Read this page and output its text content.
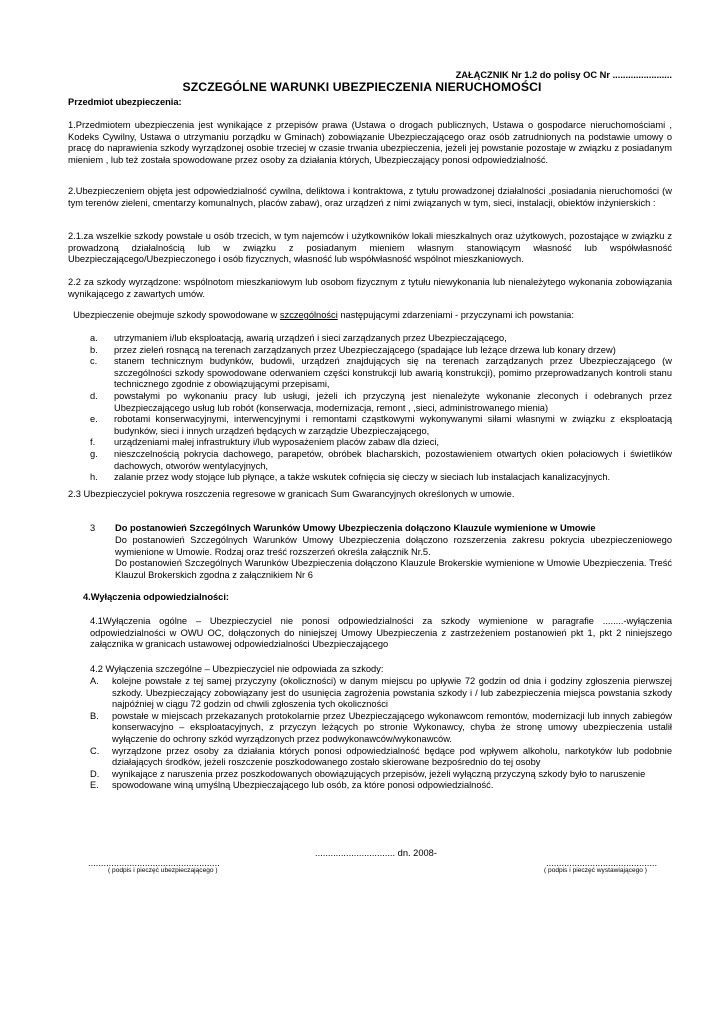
ZAŁĄCZNIK Nr 1.2 do polisy OC Nr .......................
SZCZEGÓLNE WARUNKI UBEZPIECZENIA NIERUCHOMOŚCI
Przedmiot ubezpieczenia:
1.Przedmiotem ubezpieczenia jest wynikające z przepisów prawa (Ustawa o drogach publicznych, Ustawa o gospodarce nieruchomościami , Kodeks Cywilny, Ustawa o utrzymaniu porządku w Gminach) zobowiązanie Ubezpieczającego oraz osób zatrudnionych na podstawie umowy o pracę do naprawienia szkody wyrządzonej osobie trzeciej w czasie trwania ubezpieczenia, jeżeli jej powstanie pozostaje w związku z posiadanym mieniem , lub też została spowodowane przez osoby za działania których, Ubezpieczający ponosi odpowiedzialność.
2.Ubezpieczeniem objęta jest odpowiedzialność cywilna, deliktowa i kontraktowa, z tytułu prowadzonej działalności ,posiadania nieruchomości (w tym terenów zieleni, cmentarzy komunalnych, placów zabaw), oraz urządzeń z nimi związanych w tym, sieci, instalacji, obiektów inżynierskich :
2.1.za wszelkie szkody powstałe u osób trzecich, w tym najemców i użytkowników lokali mieszkalnych oraz użytkowych, pozostające w związku z prowadzoną działalnością lub w związku z posiadanym mieniem własnym stanowiącym własność lub współwłasność Ubezpieczającego/Ubezpieczonego i osób fizycznych, własność lub współwłasność wspólnot mieszkaniowych.
2.2 za szkody wyrządzone: wspólnotom mieszkaniowym lub osobom fizycznym z tytułu niewykonania lub nienależytego wykonania zobowiązania wynikającego z zawartych umów.
Ubezpieczenie obejmuje szkody spowodowane w szczególności następującymi zdarzeniami - przyczynami ich powstania:
a. utrzymaniem i/lub eksploatacją, awarią urządzeń i sieci zarządzanych przez Ubezpieczającego,
b. przez zieleń rosnącą na terenach zarządzanych przez Ubezpieczającego (spadające lub leżące drzewa lub konary drzew)
c. stanem technicznym budynków, budowli, urządzeń znajdujących się na terenach zarządzanych przez Ubezpieczającego (w szczególności szkody spowodowane oderwaniem części konstrukcji lub awarią konstrukcji), pomimo przeprowadzanych kontroli stanu technicznego zgodnie z obowiązującymi przepisami,
d. powstałymi po wykonaniu pracy lub usługi, jeżeli ich przyczyną jest nienależyte wykonanie zleconych i odebranych przez Ubezpieczającego usług lub robót (konserwacja, modernizacja, remont , ,sieci, administrowanego mienia)
e. robotami konserwacyjnymi, interwencyjnymi i remontami cząstkowymi wykonywanymi siłami własnymi w związku z eksploatacją budynków, sieci i innych urządzeń będących w zarządzie Ubezpieczającego,
f. urządzeniami małej infrastruktury i/lub wyposażeniem placów zabaw dla dzieci,
g. nieszczelnością pokrycia dachowego, parapetów, obróbek blacharskich, pozostawieniem otwartych okien połaciowych i świetlików dachowych, otworów wentylacyjnych,
h. zalanie przez wody stojące lub płynące, a także wskutek cofnięcia się cieczy w sieciach lub instalacjach kanalizacyjnych.
2.3 Ubezpieczyciel pokrywa roszczenia regresowe w granicach Sum Gwarancyjnych określonych w umowie.
3 Do postanowień Szczególnych Warunków Umowy Ubezpieczenia dołączono Klauzule wymienione w Umowie
Do postanowień Szczególnych Warunków Umowy Ubezpieczenia dołączono rozszerzenia zakresu pokrycia ubezpieczeniowego wymienione w Umowie. Rodzaj oraz treść rozszerzeń określa załącznik Nr.5.
Do postanowień Szczególnych Warunków Ubezpieczenia dołączono Klauzule Brokerskie wymienione w Umowie Ubezpieczenia. Treść Klauzul Brokerskich zgodna z załącznikiem Nr 6
4.Wyłączenia odpowiedzialności:
4.1Wyłączenia ogólne – Ubezpieczyciel nie ponosi odpowiedzialności za szkody wymienione w paragrafie ........-wyłączenia odpowiedzialności w OWU OC, dołączonych do niniejszej Umowy Ubezpieczenia z zastrzeżeniem postanowień pkt 1, pkt 2 niniejszego załącznika w granicach ustawowej odpowiedzialności Ubezpieczającego
4.2 Wyłączenia szczególne – Ubezpieczyciel nie odpowiada za szkody:
A. kolejne powstałe z tej samej przyczyny (okoliczności) w danym miejscu po upływie 72 godzin od dnia i godziny zgłoszenia pierwszej szkody. Ubezpieczający zobowiązany jest do usunięcia zagrożenia powstania szkody i / lub zabezpieczenia miejsca powstania szkody najpóźniej w ciągu 72 godzin od chwili zgłoszenia tych okoliczności
B. powstałe w miejscach przekazanych protokolarnie przez Ubezpieczającego wykonawcom remontów, modernizacji lub innych zabiegów konserwacyjno – eksploatacyjnych, z przyczyn leżących po stronie Wykonawcy, chyba że stronę umowy ubezpieczenia ustalił wyłączenie do ochrony szkód wyrządzonych przez podwykonawców/wykonawców.
C. wyrządzone przez osoby za działania których ponosi odpowiedzialność będące pod wpływem alkoholu, narkotyków lub podobnie działających środków, jeżeli roszczenie poszkodowanego zostało skierowane bezpośrednio do tej osoby
D. wynikające z naruszenia przez poszkodowanych obowiązujących przepisów, jeżeli wyłączną przyczyną szkody było to naruszenie
E. spowodowane winą umyślną Ubezpieczającego lub osób, za które ponosi odpowiedzialność.
............................... dn. 2008-
...................................................
( podpis i pieczęć ubezpieczającego )
...........................................
( podpis i pieczęć wystawiającego )
